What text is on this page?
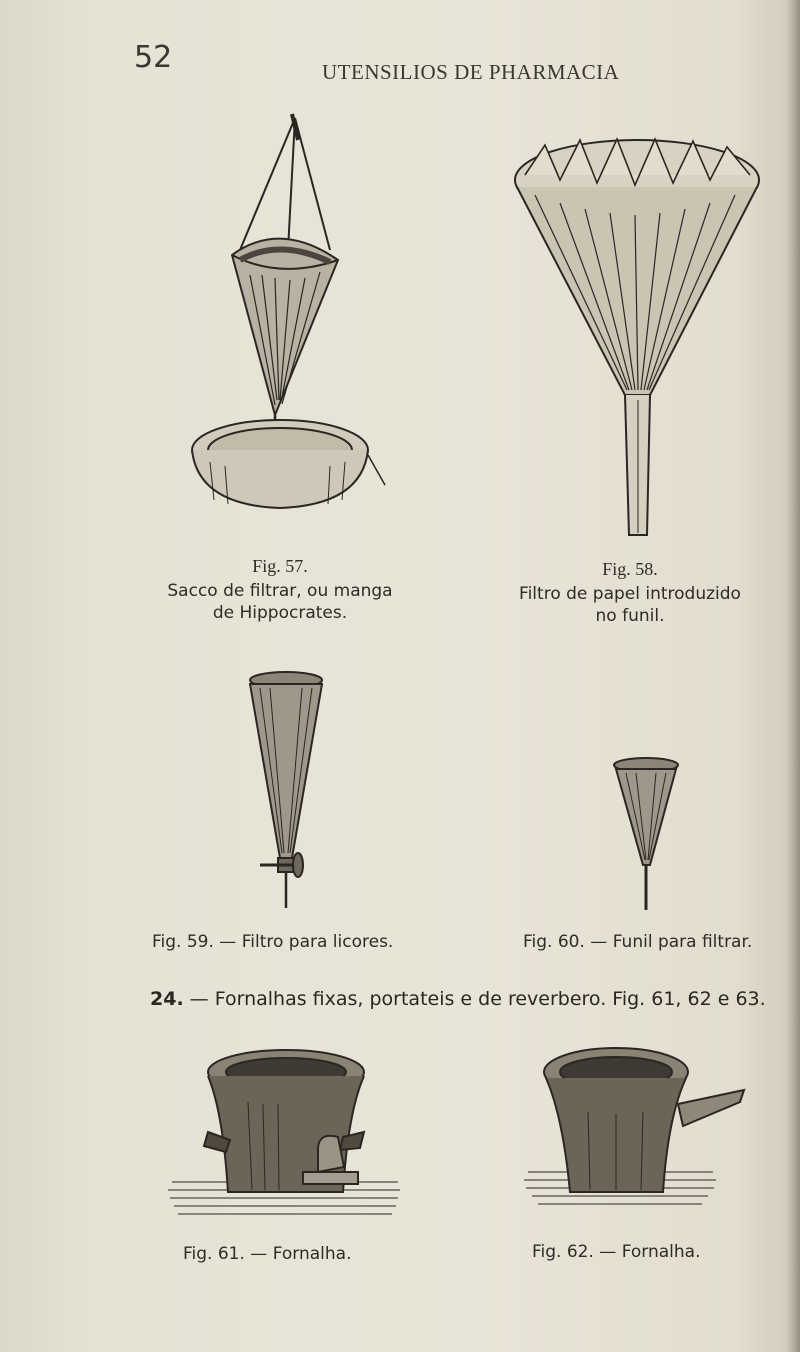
52	UTENSILIOS DE PHARMACIA
Fig. 57.
Sacco de filtrar, ou manga
de Hippocrates.
Fig. 58.
Filtro de papel introduzido
no funil.
Fig. 59. — Filtro para licores.	Fig. 60. — Funil para filtrar.
24. — Fornalhas fixas, portateis e de reverbero. Fig. 61, 62 e 63.
Fig. 61. — Fornalha.	Fig. 62. — Fornalha.
